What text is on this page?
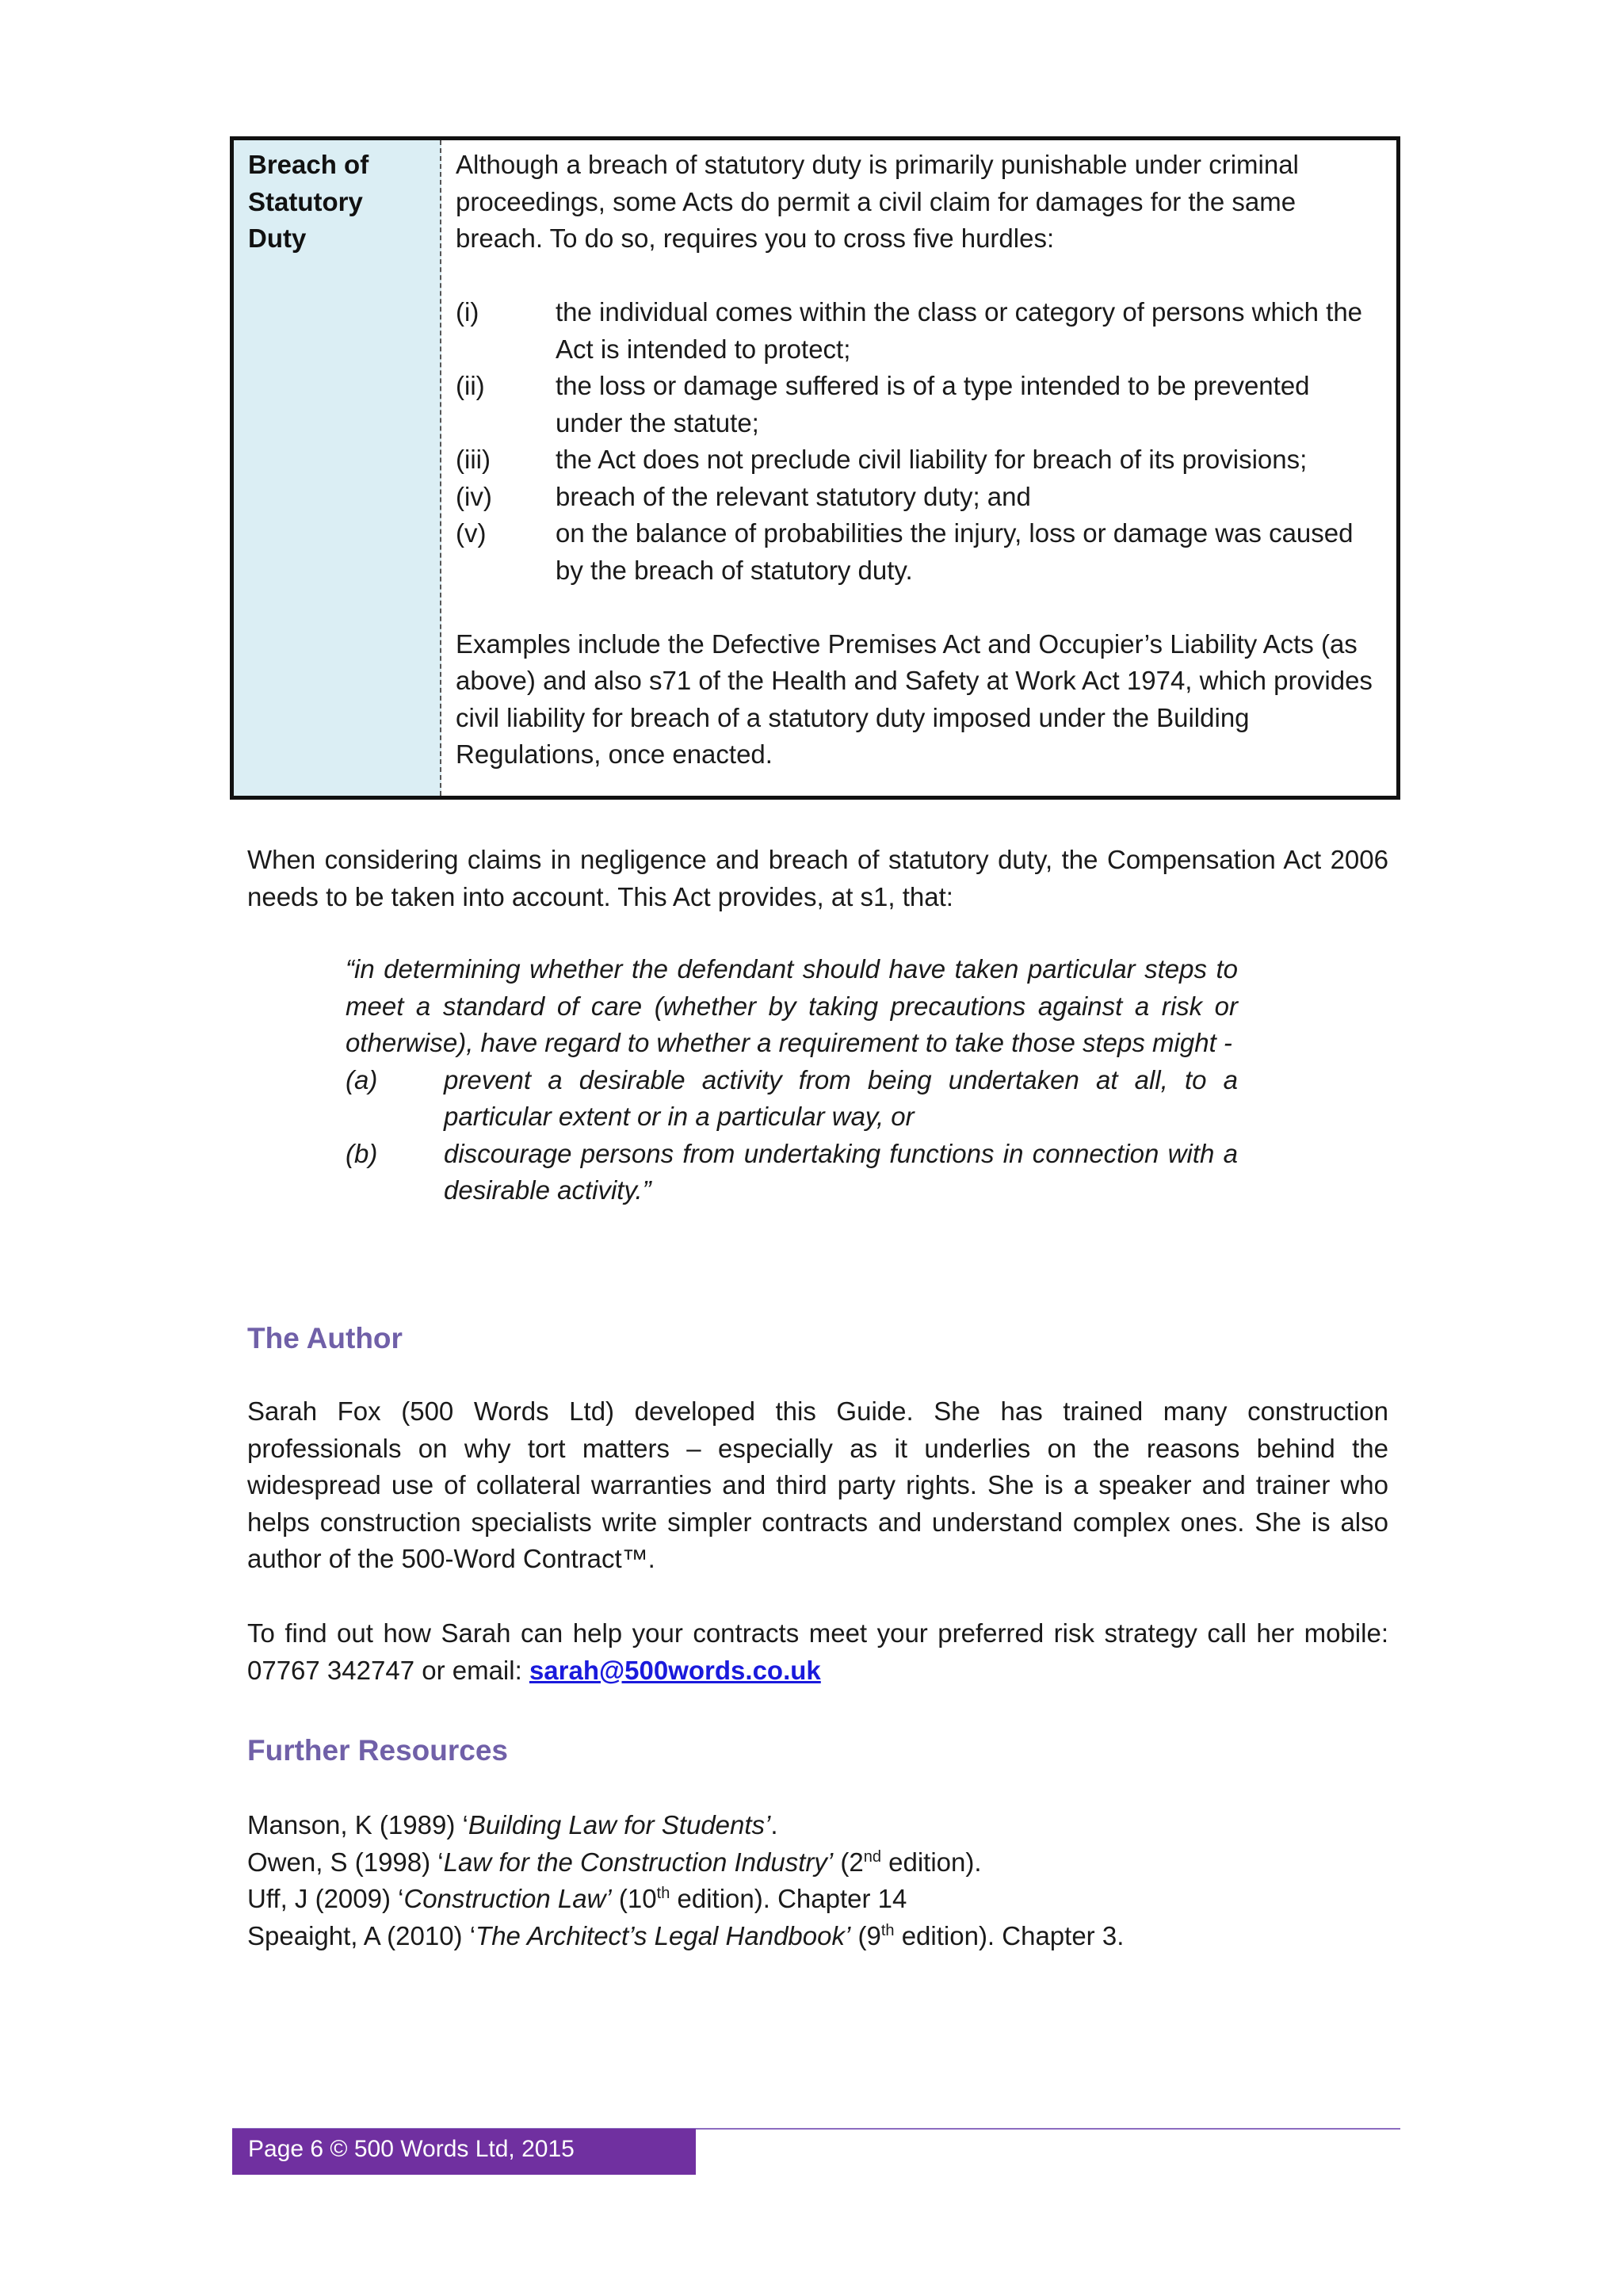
Breach of Statutory Duty

Although a breach of statutory duty is primarily punishable under criminal proceedings, some Acts do permit a civil claim for damages for the same breach. To do so, requires you to cross five hurdles:

(i)	the individual comes within the class or category of persons which the Act is intended to protect;
(ii)	the loss or damage suffered is of a type intended to be prevented under the statute;
(iii)	the Act does not preclude civil liability for breach of its provisions;
(iv)	breach of the relevant statutory duty; and
(v)	on the balance of probabilities the injury, loss or damage was caused by the breach of statutory duty.

Examples include the Defective Premises Act and Occupier’s Liability Acts (as above) and also s71 of the Health and Safety at Work Act 1974, which provides civil liability for breach of a statutory duty imposed under the Building Regulations, once enacted.

When considering claims in negligence and breach of statutory duty, the Compensation Act 2006 needs to be taken into account. This Act provides, at s1, that:

“in determining whether the defendant should have taken particular steps to meet a standard of care (whether by taking precautions against a risk or otherwise), have regard to whether a requirement to take those steps might -

(a)	prevent a desirable activity from being undertaken at all, to a particular extent or in a particular way, or
(b)	discourage persons from undertaking functions in connection with a desirable activity.”
The Author

Sarah Fox (500 Words Ltd) developed this Guide. She has trained many construction professionals on why tort matters – especially as it underlies on the reasons behind the widespread use of collateral warranties and third party rights. She is a speaker and trainer who helps construction specialists write simpler contracts and understand complex ones. She is also author of the 500-Word Contract™.

To find out how Sarah can help your contracts meet your preferred risk strategy call her mobile: 07767 342747 or email: sarah@500words.co.uk

Further Resources
Manson, K (1989) ‘Building Law for Students’.
Owen, S (1998) ‘Law for the Construction Industry’ (2nd edition).
Uff, J (2009) ‘Construction Law’ (10th edition). Chapter 14
Speaight, A (2010) ‘The Architect’s Legal Handbook’ (9th edition). Chapter 3.
Page 6 © 500 Words Ltd, 2015
